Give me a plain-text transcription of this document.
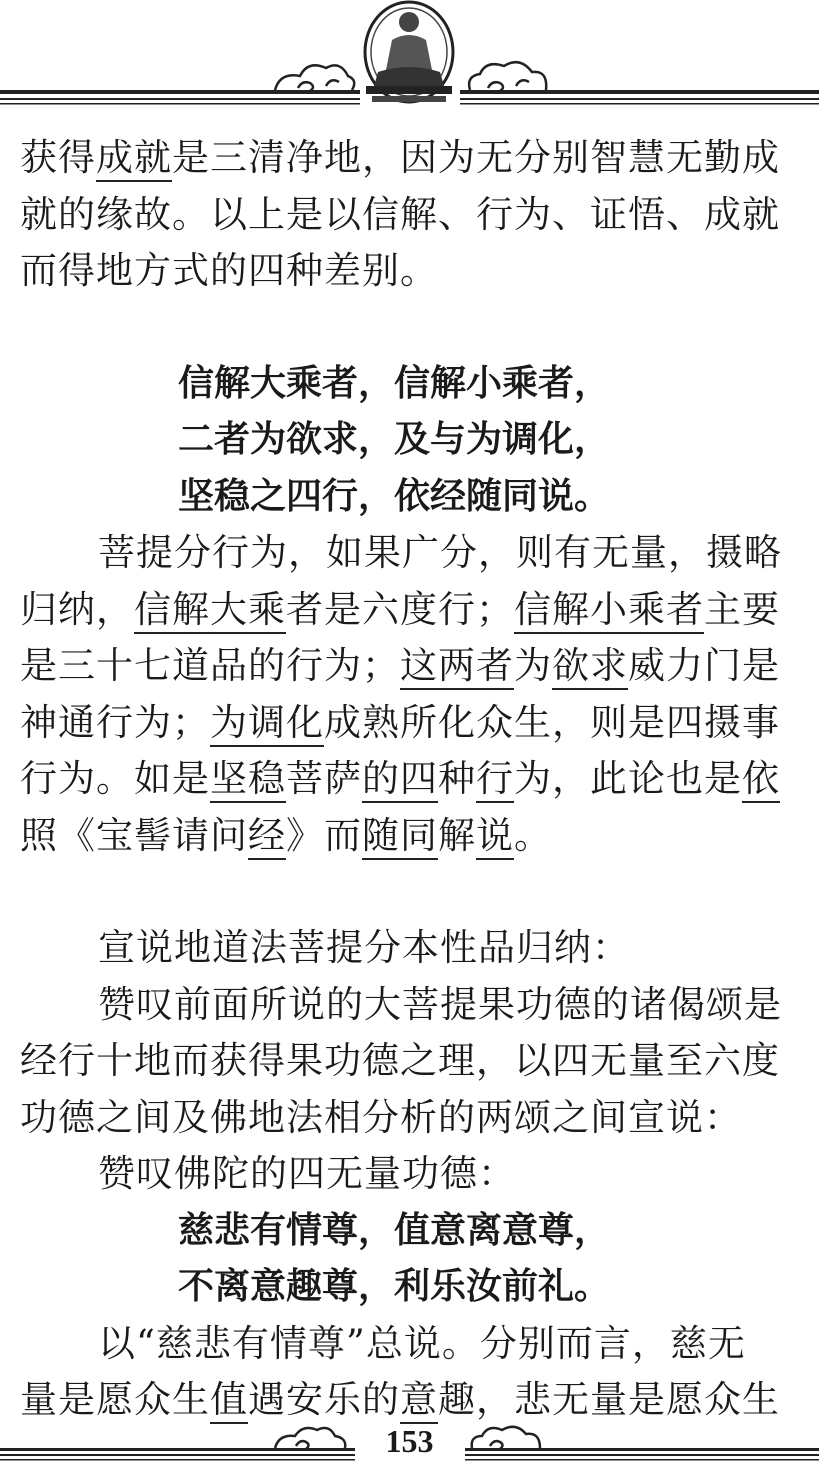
获得成就是三清净地，因为无分别智慧无勤成

就的缘故。以上是以信解、行为、证悟、成就

而得地方式的四种差别。

信解大乘者，信解小乘者，

二者为欲求，及与为调化，

坚稳之四行，依经随同说。

菩提分行为，如果广分，则有无量，摄略

归纳，信解大乘者是六度行；信解小乘者主要

是三十七道品的行为；这两者为欲求威力门是

神通行为；为调化成熟所化众生，则是四摄事

行为。如是坚稳菩萨的四种行为，此论也是依

照《宝髻请问经》而随同解说。

宣说地道法菩提分本性品归纳：

赞叹前面所说的大菩提果功德的诸偈颂是

经行十地而获得果功德之理，以四无量至六度

功德之间及佛地法相分析的两颂之间宣说：

赞叹佛陀的四无量功德：

慈悲有情尊，值意离意尊，

不离意趣尊，利乐汝前礼。

以“慈悲有情尊”总说。分别而言，慈无

量是愿众生值遇安乐的意趣，悲无量是愿众生

153
